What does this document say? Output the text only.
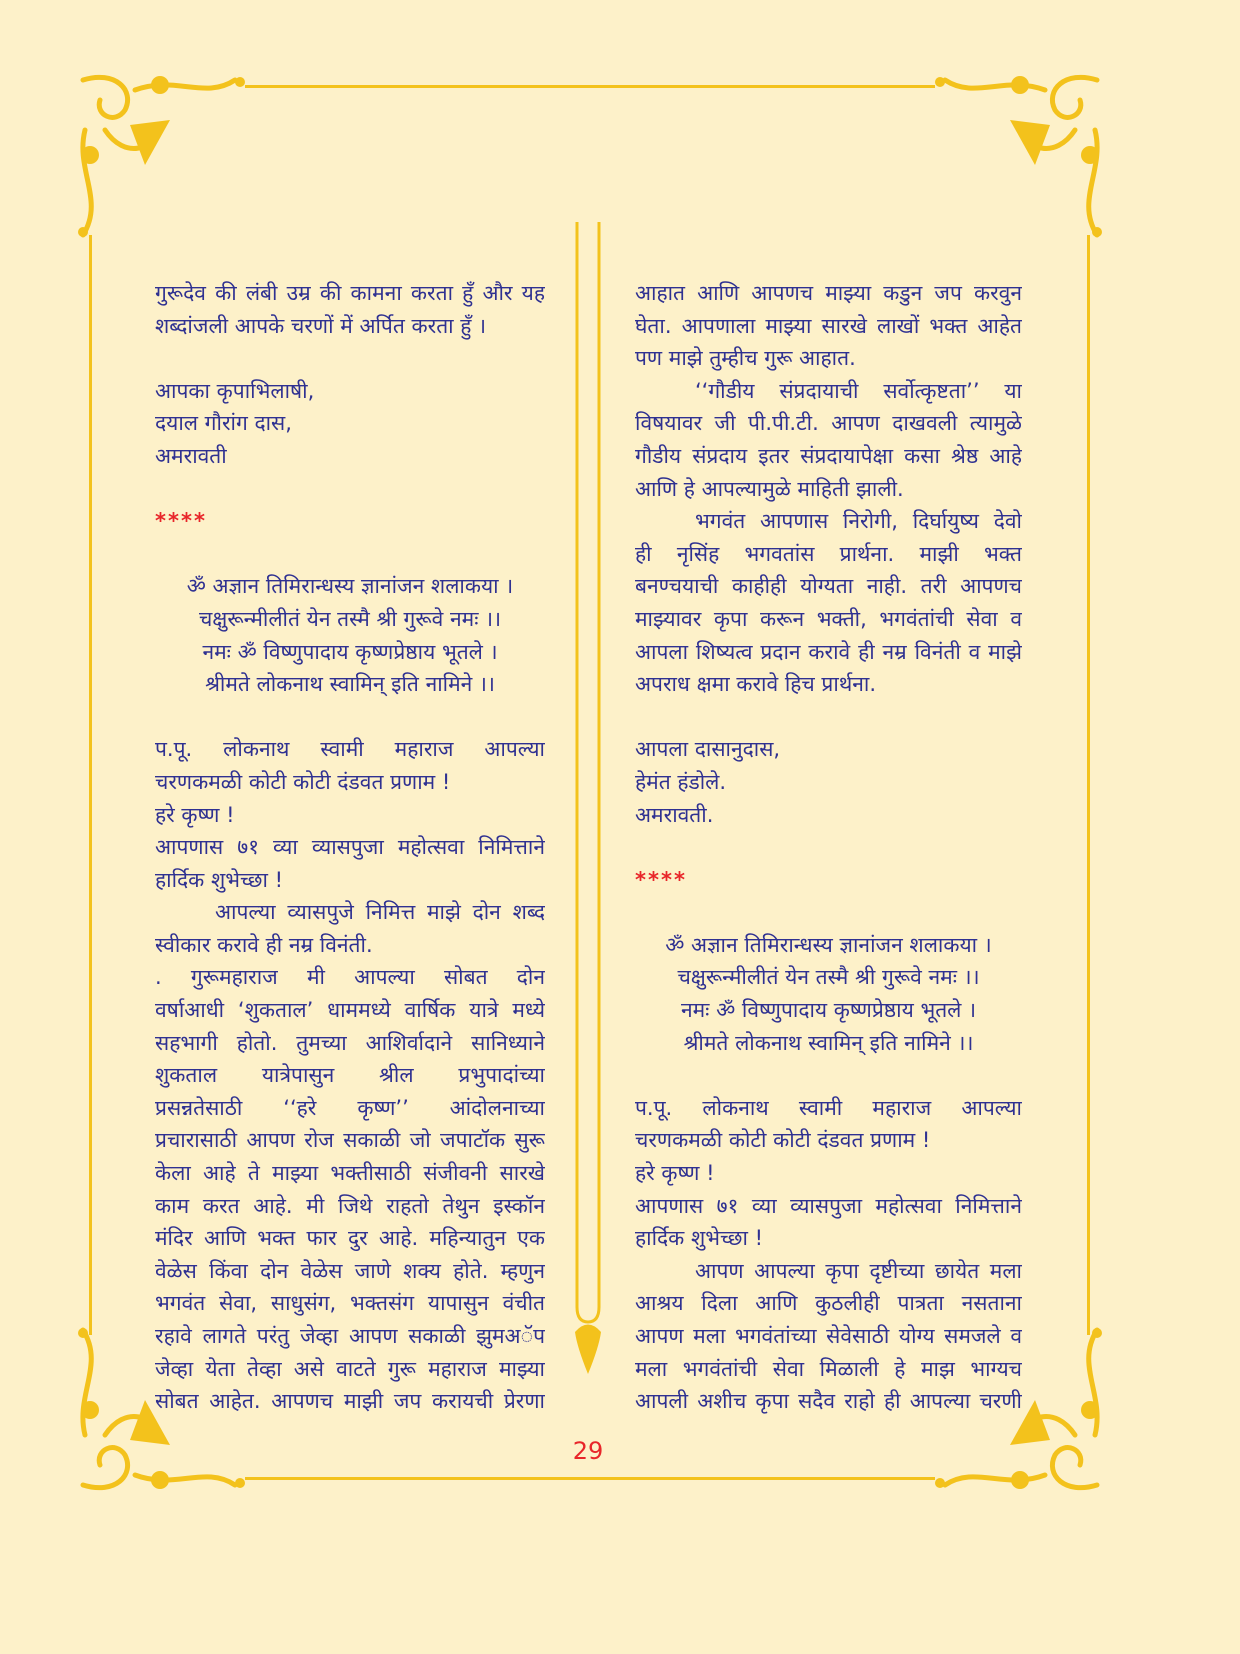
गुरूदेव की लंबी उम्र की कामना करता हुँ और यह
शब्दांजली आपके चरणों में अर्पित करता हुँ ।
आपका कृपाभिलाषी,
दयाल गौरांग दास,
अमरावती
****
ॐ अज्ञान तिमिरान्धस्य ज्ञानांजन शलाकया ।
चक्षुरून्मीलीतं येन तस्मै श्री गुरूवे नमः ।।
नमः ॐ विष्णुपादाय कृष्णप्रेष्ठाय भूतले ।
श्रीमते लोकनाथ स्वामिन् इति नामिने ।।
प.पू. लोकनाथ स्वामी महाराज आपल्या
चरणकमळी कोटी कोटी दंडवत प्रणाम !
हरे कृष्ण !
आपणास ७१ व्या व्यासपुजा महोत्सवा निमित्ताने
हार्दिक शुभेच्छा !
आपल्या व्यासपुजे निमित्त माझे दोन शब्द
स्वीकार करावे ही नम्र विनंती.
. गुरूमहाराज मी आपल्या सोबत दोन
वर्षाआधी ‘शुकताल’ धाममध्ये वार्षिक यात्रे मध्ये
सहभागी होतो. तुमच्या आशिर्वादाने सानिध्याने
शुकताल यात्रेपासुन श्रील प्रभुपादांच्या
प्रसन्नतेसाठी ‘‘हरे कृष्ण’’ आंदोलनाच्या
प्रचारासाठी आपण रोज सकाळी जो जपाटॉक सुरू
केला आहे ते माझ्या भक्तीसाठी संजीवनी सारखे
काम करत आहे. मी जिथे राहतो तेथुन इस्कॉन
मंदिर आणि भक्त फार दुर आहे. महिन्यातुन एक
वेळेस किंवा दोन वेळेस जाणे शक्य होते. म्हणुन
भगवंत सेवा, साधुसंग, भक्तसंग यापासुन वंचीत
रहावे लागते परंतु जेव्हा आपण सकाळी झुमअॅप
जेव्हा येता तेव्हा असे वाटते गुरू महाराज माझ्या
सोबत आहेत. आपणच माझी जप करायची प्रेरणा
आहात आणि आपणच माझ्या कडुन जप करवुन
घेता. आपणाला माझ्या सारखे लाखों भक्त आहेत
पण माझे तुम्हीच गुरू आहात.
‘‘गौडीय संप्रदायाची सर्वोत्कृष्टता’’ या
विषयावर जी पी.पी.टी. आपण दाखवली त्यामुळे
गौडीय संप्रदाय इतर संप्रदायापेक्षा कसा श्रेष्ठ आहे
आणि हे आपल्यामुळे माहिती झाली.
भगवंत आपणास निरोगी, दिर्घायुष्य देवो
ही नृसिंह भगवतांस प्रार्थना. माझी भक्त
बनण्चयाची काहीही योग्यता नाही. तरी आपणच
माझ्यावर कृपा करून भक्ती, भगवंतांची सेवा व
आपला शिष्यत्व प्रदान करावे ही नम्र विनंती व माझे
अपराध क्षमा करावे हिच प्रार्थना.
आपला दासानुदास,
हेमंत हंडोले.
अमरावती.
****
ॐ अज्ञान तिमिरान्धस्य ज्ञानांजन शलाकया ।
चक्षुरून्मीलीतं येन तस्मै श्री गुरूवे नमः ।।
नमः ॐ विष्णुपादाय कृष्णप्रेष्ठाय भूतले ।
श्रीमते लोकनाथ स्वामिन् इति नामिने ।।
प.पू. लोकनाथ स्वामी महाराज आपल्या
चरणकमळी कोटी कोटी दंडवत प्रणाम !
हरे कृष्ण !
आपणास ७१ व्या व्यासपुजा महोत्सवा निमित्ताने
हार्दिक शुभेच्छा !
आपण आपल्या कृपा दृष्टीच्या छायेत मला
आश्रय दिला आणि कुठलीही पात्रता नसताना
आपण मला भगवंतांच्या सेवेसाठी योग्य समजले व
मला भगवंतांची सेवा मिळाली हे माझ भाग्यच
आपली अशीच कृपा सदैव राहो ही आपल्या चरणी
29
